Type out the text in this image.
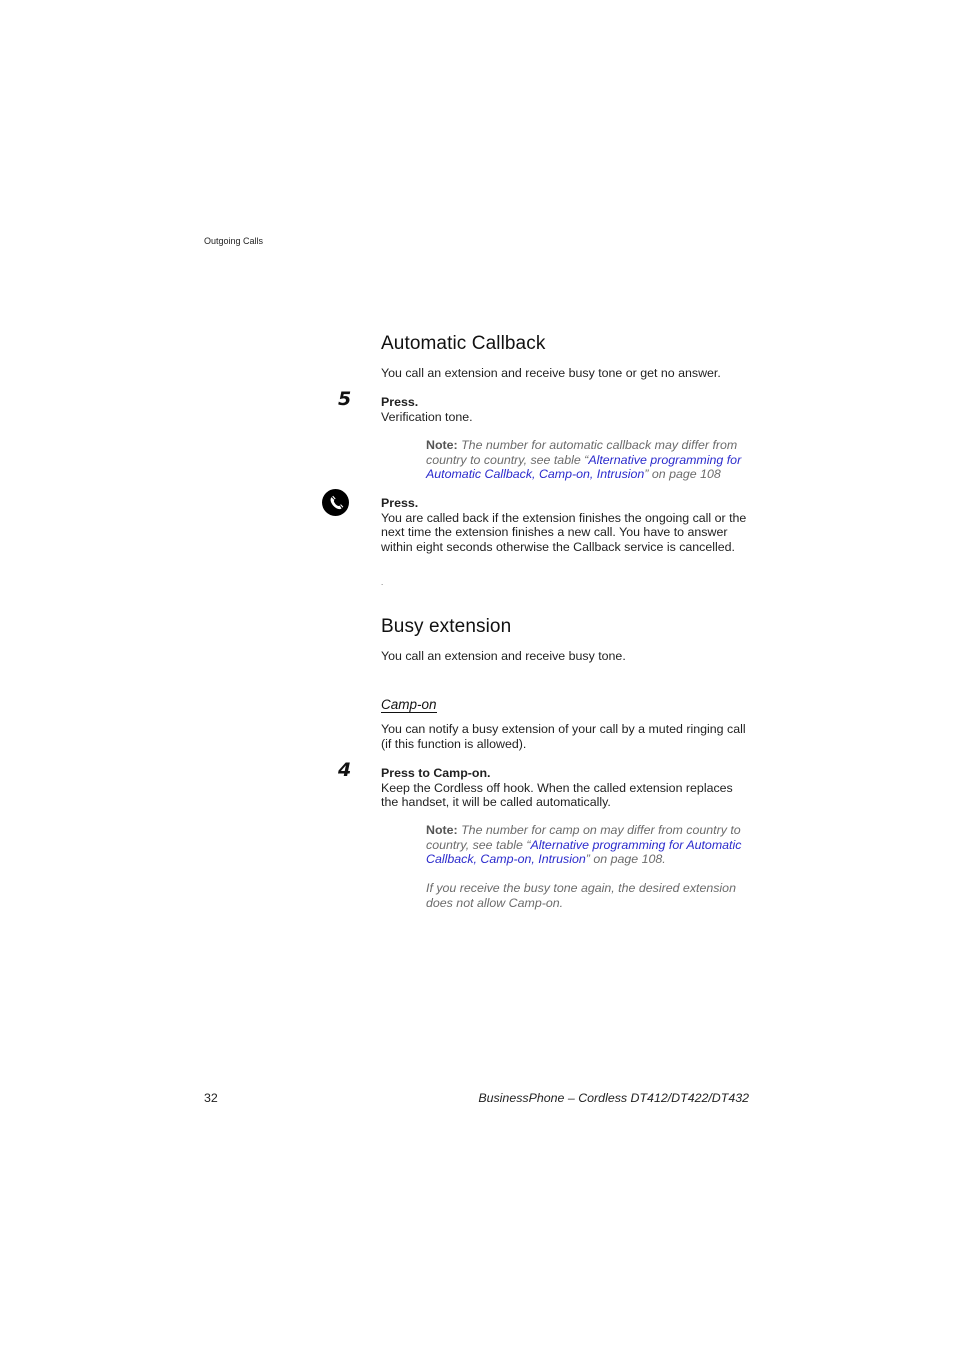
Outgoing Calls
Automatic Callback
You call an extension and receive busy tone or get no answer.
5 Press.
Verification tone.
Note: The number for automatic callback may differ from country to country, see table “Alternative programming for Automatic Callback, Camp-on, Intrusion” on page 108
Press.
You are called back if the extension finishes the ongoing call or the next time the extension finishes a new call. You have to answer within eight seconds otherwise the Callback service is cancelled.
.
Busy extension
You call an extension and receive busy tone.
Camp-on
You can notify a busy extension of your call by a muted ringing call (if this function is allowed).
4 Press to Camp-on.
Keep the Cordless off hook. When the called extension replaces the handset, it will be called automatically.
Note: The number for camp on may differ from country to country, see table “Alternative programming for Automatic Callback, Camp-on, Intrusion” on page 108.
If you receive the busy tone again, the desired extension does not allow Camp-on.
32	BusinessPhone – Cordless DT412/DT422/DT432
